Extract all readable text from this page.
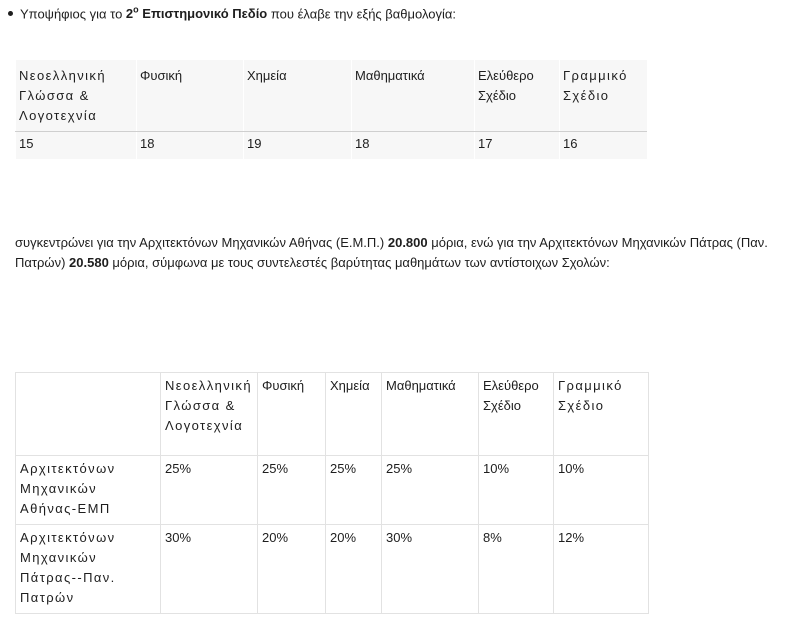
Υποψήφιος για το $2^o$ Επιστημονικό Πεδίο που έλαβε την εξής βαθμολογία:
Νεοελληνική Γλώσσα & Λογοτεχνία	Φυσική	Χημεία	Μαθηματικά	Ελεύθερο Σχέδιο	Γραμμικό Σχέδιο
15	18	19	18	17	16

συγκεντρώνει για την Αρχιτεκτόνων Μηχανικών Αθήνας (Ε.Μ.Π.) 20.800 μόρια, ενώ για την Αρχιτεκτόνων Μηχανικών Πάτρας (Παν. Πατρών) 20.580 μόρια, σύμφωνα με τους συντελεστές βαρύτητας μαθημάτων των αντίστοιχων Σχολών:

	Νεοελληνική Γλώσσα & Λογοτεχνία	Φυσική	Χημεία	Μαθηματικά	Ελεύθερο Σχέδιο	Γραμμικό Σχέδιο
Αρχιτεκτόνων Μηχανικών Αθήνας-ΕΜΠ	25%	25%	25%	25%	10%	10%
Αρχιτεκτόνων Μηχανικών Πάτρας--Παν. Πατρών	30%	20%	20%	30%	8%	12%
